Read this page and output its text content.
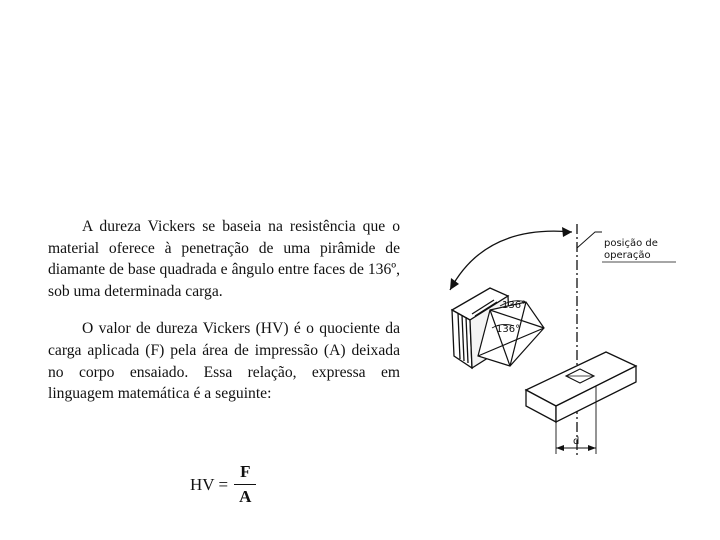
A dureza Vickers se baseia na resistência que o material oferece à penetração de uma pirâmide de diamante de base quadrada e ângulo entre faces de 136º, sob uma determinada carga.

O valor de dureza Vickers (HV) é o quociente da carga aplicada (F) pela área de impressão (A) deixada no corpo ensaiado. Essa relação, expressa em linguagem matemática é a seguinte:

HV = $\frac{F}{A}$
posição de
operação
136°
136°
d
